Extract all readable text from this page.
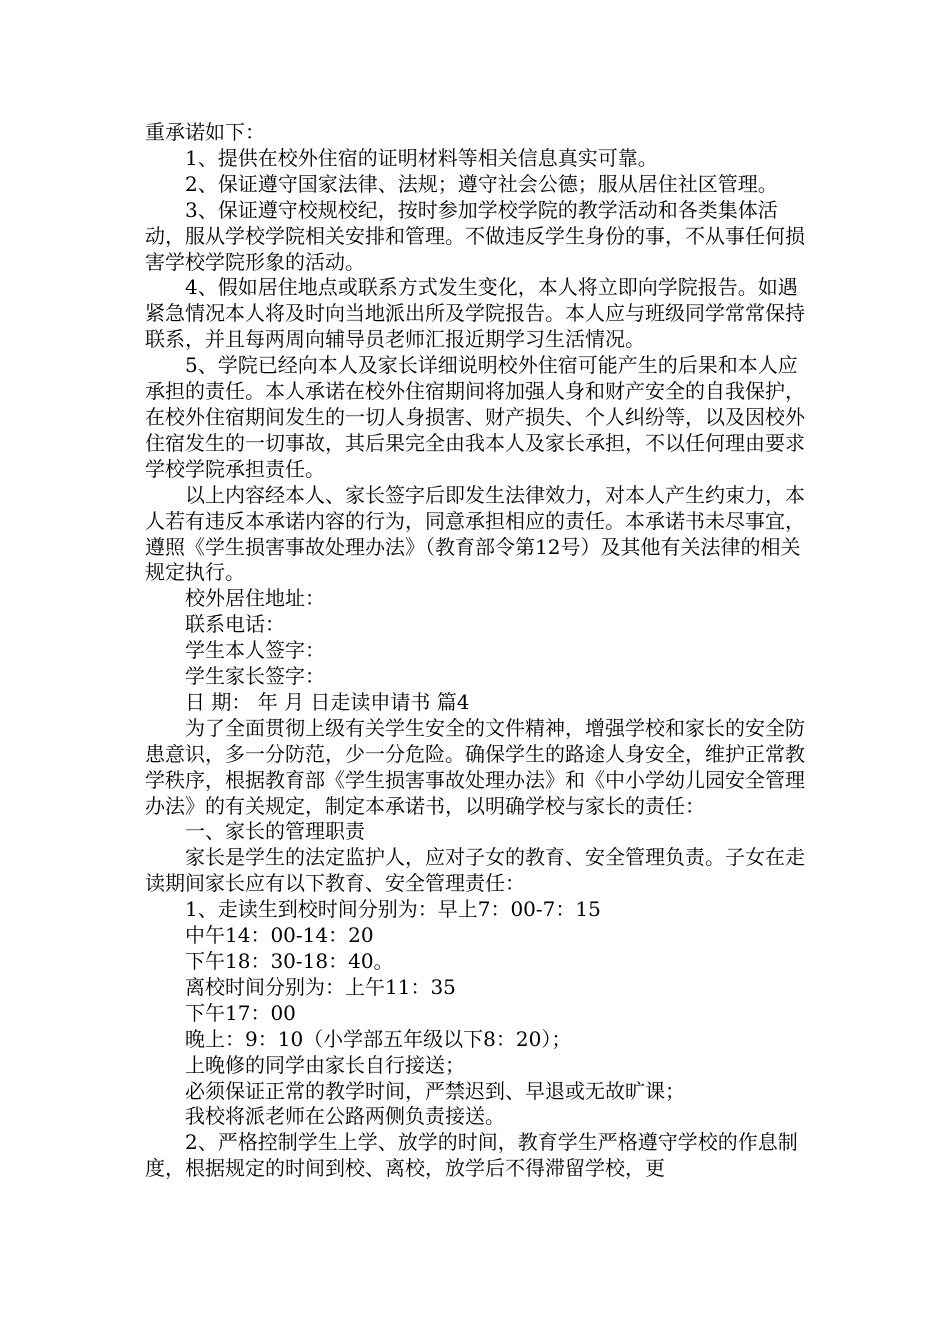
重承诺如下：

1、提供在校外住宿的证明材料等相关信息真实可靠。

2、保证遵守国家法律、法规；遵守社会公德；服从居住社区管理。

3、保证遵守校规校纪，按时参加学校学院的教学活动和各类集体活动，服从学校学院相关安排和管理。不做违反学生身份的事，不从事任何损害学校学院形象的活动。

4、假如居住地点或联系方式发生变化，本人将立即向学院报告。如遇紧急情况本人将及时向当地派出所及学院报告。本人应与班级同学常常保持联系，并且每两周向辅导员老师汇报近期学习生活情况。

5、学院已经向本人及家长详细说明校外住宿可能产生的后果和本人应承担的责任。本人承诺在校外住宿期间将加强人身和财产安全的自我保护，在校外住宿期间发生的一切人身损害、财产损失、个人纠纷等，以及因校外住宿发生的一切事故，其后果完全由我本人及家长承担，不以任何理由要求学校学院承担责任。

以上内容经本人、家长签字后即发生法律效力，对本人产生约束力，本人若有违反本承诺内容的行为，同意承担相应的责任。本承诺书未尽事宜，遵照《学生损害事故处理办法》（教育部令第12号）及其他有关法律的相关规定执行。

校外居住地址：

联系电话：

学生本人签字：

学生家长签字：

日 期： 年 月 日走读申请书 篇4

为了全面贯彻上级有关学生安全的文件精神，增强学校和家长的安全防患意识，多一分防范，少一分危险。确保学生的路途人身安全，维护正常教学秩序，根据教育部《学生损害事故处理办法》和《中小学幼儿园安全管理办法》的有关规定，制定本承诺书，以明确学校与家长的责任：

一、家长的管理职责

家长是学生的法定监护人，应对子女的教育、安全管理负责。子女在走读期间家长应有以下教育、安全管理责任：

1、走读生到校时间分别为：早上7：00-7：15

中午14：00-14：20

下午18：30-18：40。

离校时间分别为：上午11：35

下午17：00

晚上：9：10（小学部五年级以下8：20）；

上晚修的同学由家长自行接送；

必须保证正常的教学时间，严禁迟到、早退或无故旷课；

我校将派老师在公路两侧负责接送。

2、严格控制学生上学、放学的时间，教育学生严格遵守学校的作息制度，根据规定的时间到校、离校，放学后不得滞留学校，更
